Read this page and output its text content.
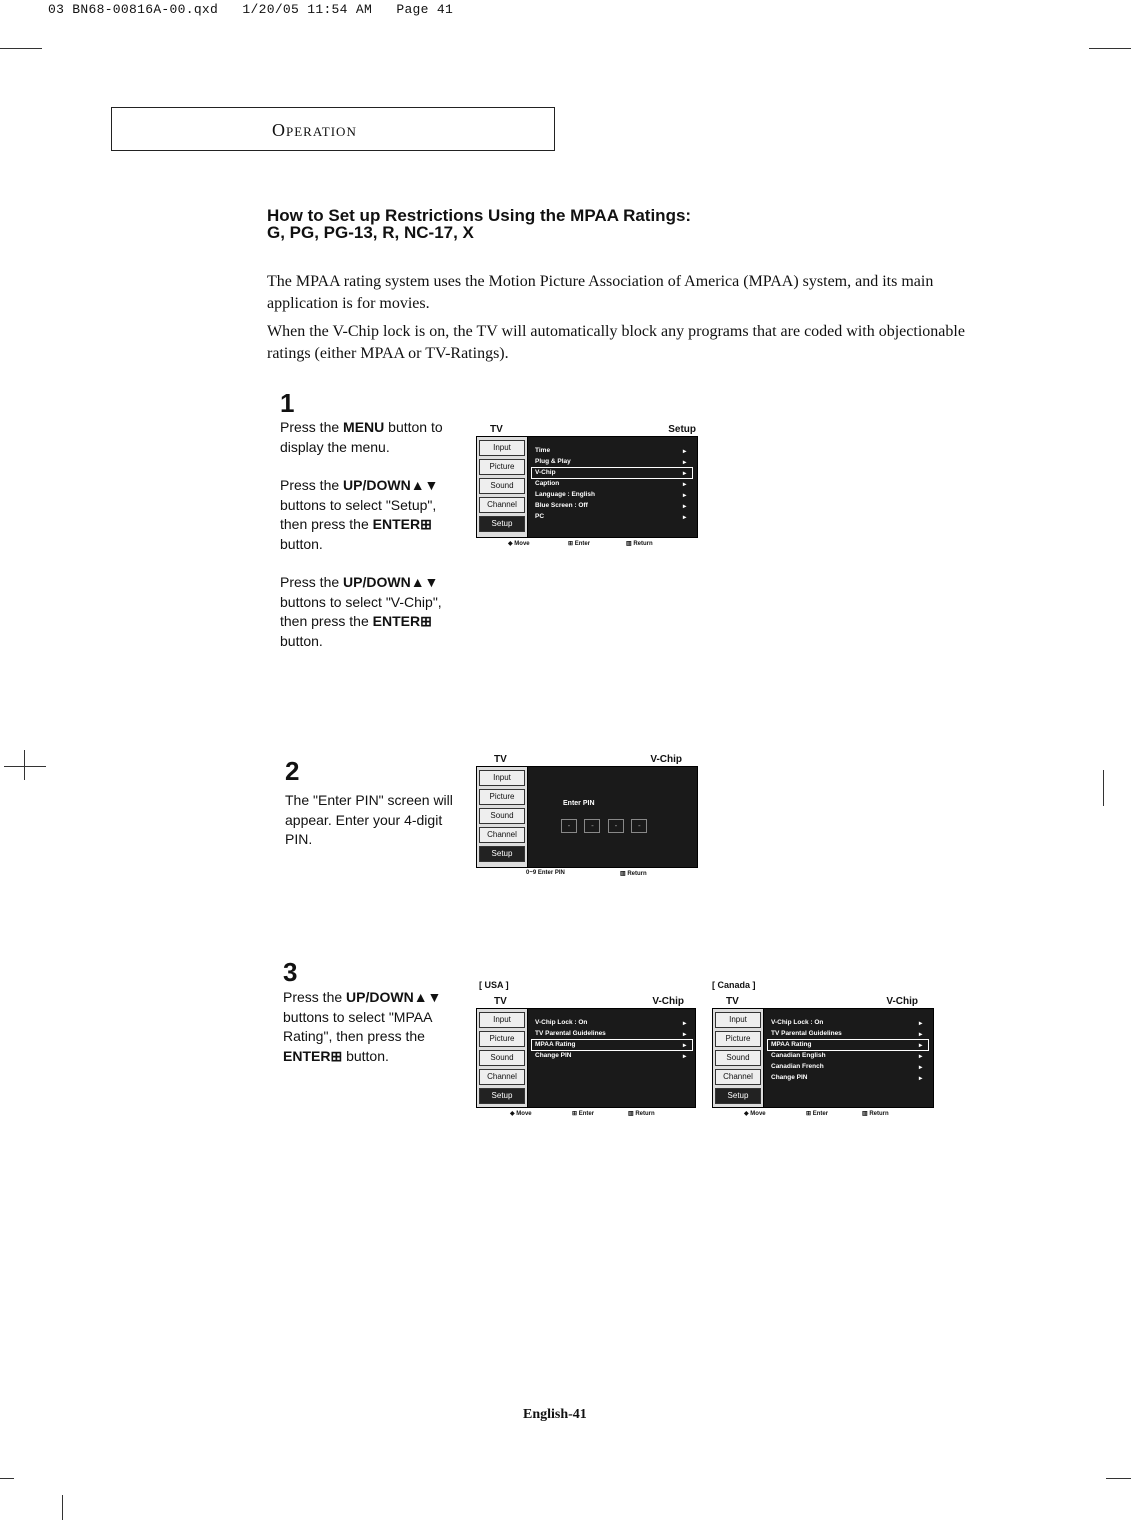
03 BN68-00816A-00.qxd   1/20/05 11:54 AM   Page 41
Operation
How to Set up Restrictions Using the MPAA Ratings:
G, PG, PG-13, R, NC-17, X
The MPAA rating system uses the Motion Picture Association of America (MPAA) system, and its main application is for movies.
When the V-Chip lock is on, the TV will automatically block any programs that are coded with objectionable ratings (either MPAA or TV-Ratings).
1

Press the MENU button to display the menu.

Press the UP/DOWN▲▼ buttons to select "Setup", then press the ENTER⊞ button.

Press the UP/DOWN▲▼ buttons to select "V-Chip", then press the ENTER⊞ button.

2

The "Enter PIN" screen will appear. Enter your 4-digit PIN.

3

Press the UP/DOWN▲▼ buttons to select "MPAA Rating", then press the ENTER⊞ button.

TV	Setup
Input
Picture
Sound
Channel
Setup
Time	▸
Plug & Play	▸
V-Chip	▸
Caption	▸
Language : English	▸
Blue Screen : Off	▸
PC	▸
◆ Move	⊞ Enter	▥ Return
TV	V-Chip
Input
Picture
Sound
Channel
Setup
Enter PIN
-	-	-	-
0~9 Enter PIN	▥ Return
[ USA ]
TV	V-Chip
Input
Picture
Sound
Channel
Setup
V-Chip Lock : On	▸
TV Parental Guidelines	▸
MPAA Rating	▸
Change PIN	▸
◆ Move	⊞ Enter	▥ Return
[ Canada ]
TV	V-Chip
Input
Picture
Sound
Channel
Setup
V-Chip Lock : On	▸
TV Parental Guidelines	▸
MPAA Rating	▸
Canadian English	▸
Canadian French	▸
Change PIN	▸
◆ Move	⊞ Enter	▥ Return
English-41
